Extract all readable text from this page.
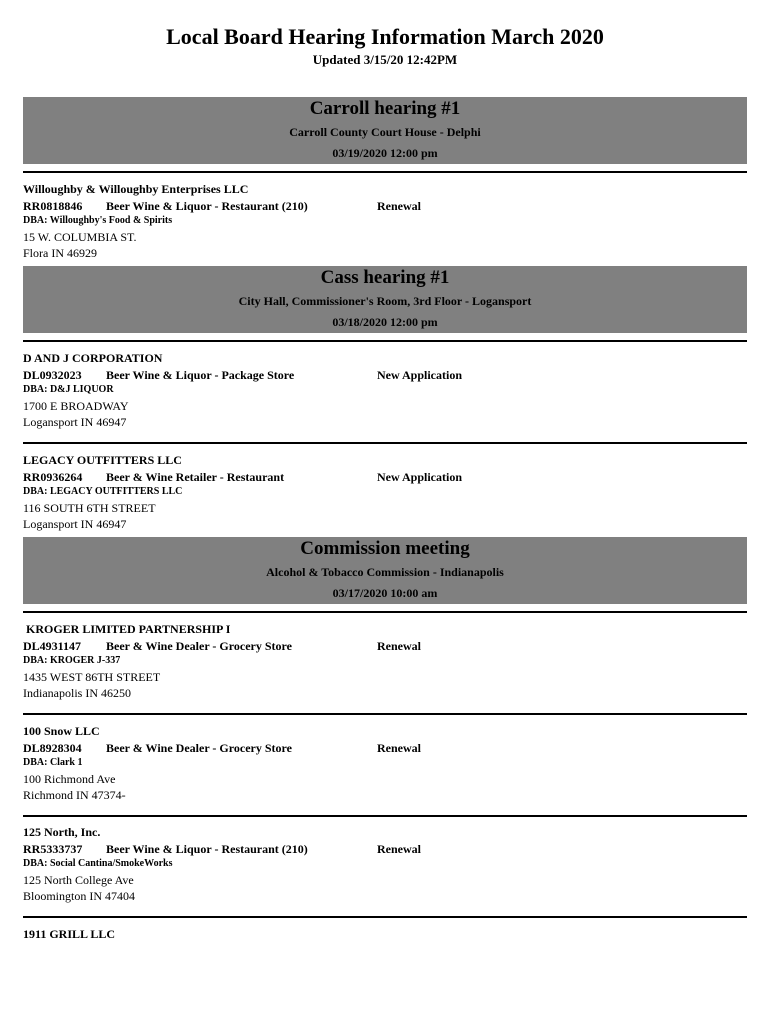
Local Board Hearing Information March 2020
Updated 3/15/20 12:42PM
Carroll hearing #1
Carroll County Court House - Delphi
03/19/2020 12:00 pm
Willoughby & Willoughby Enterprises LLC
RR0818846 Beer Wine & Liquor - Restaurant (210)	Renewal
DBA: Willoughby's Food & Spirits
15 W. COLUMBIA ST.
Flora IN 46929
Cass hearing #1
City Hall, Commissioner's Room, 3rd Floor - Logansport
03/18/2020 12:00 pm
D AND J CORPORATION
DL0932023 Beer Wine & Liquor - Package Store	New Application
DBA: D&J LIQUOR
1700 E BROADWAY
Logansport IN 46947
LEGACY OUTFITTERS LLC
RR0936264 Beer & Wine Retailer - Restaurant	New Application
DBA: LEGACY OUTFITTERS LLC
116 SOUTH 6TH STREET
Logansport IN 46947
Commission meeting
Alcohol & Tobacco Commission - Indianapolis
03/17/2020 10:00 am
KROGER LIMITED PARTNERSHIP I
DL4931147 Beer & Wine Dealer - Grocery Store	Renewal
DBA: KROGER J-337
1435 WEST 86TH STREET
Indianapolis IN 46250
100 Snow LLC
DL8928304 Beer & Wine Dealer - Grocery Store	Renewal
DBA: Clark 1
100 Richmond Ave
Richmond IN 47374-
125 North, Inc.
RR5333737 Beer Wine & Liquor - Restaurant (210)	Renewal
DBA: Social Cantina/SmokeWorks
125 North College Ave
Bloomington IN 47404
1911 GRILL LLC
